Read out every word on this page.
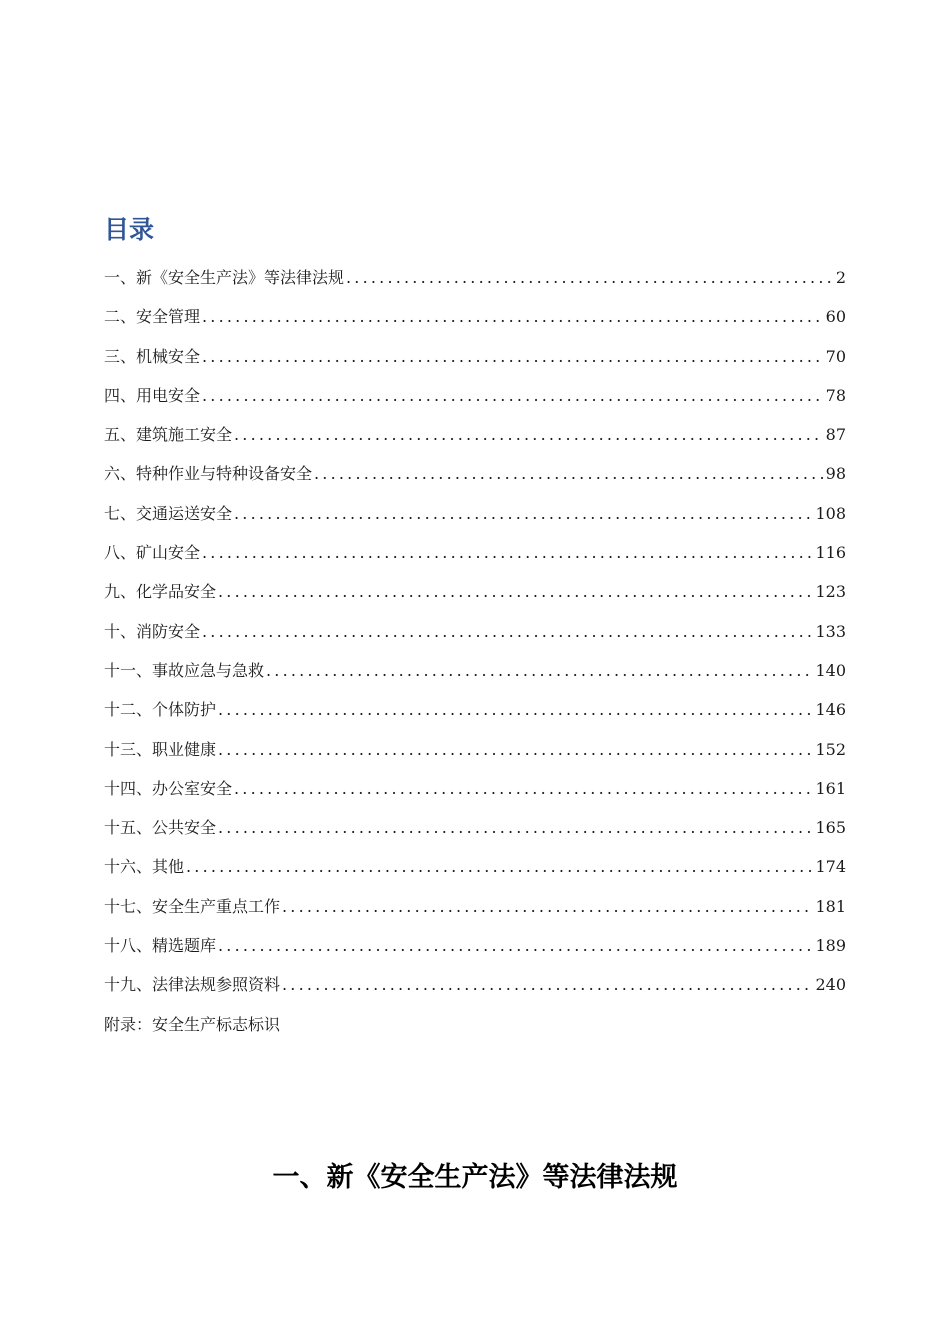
目录
一、新《安全生产法》等法律法规 .....	2
二、安全管理 .....	60
三、机械安全 .....	70
四、用电安全 .....	78
五、建筑施工安全 .....	87
六、特种作业与特种设备安全 .....	98
七、交通运送安全 .....	108
八、矿山安全 .....	116
九、化学品安全 .....	123
十、消防安全 .....	133
十一、事故应急与急救 .....	140
十二、个体防护 .....	146
十三、职业健康 .....	152
十四、办公室安全 .....	161
十五、公共安全 .....	165
十六、其他 .....	174
十七、安全生产重点工作 .....	181
十八、精选题库 .....	189
十九、法律法规参照资料 .....	240
附录：安全生产标志标识
一、新《安全生产法》等法律法规
